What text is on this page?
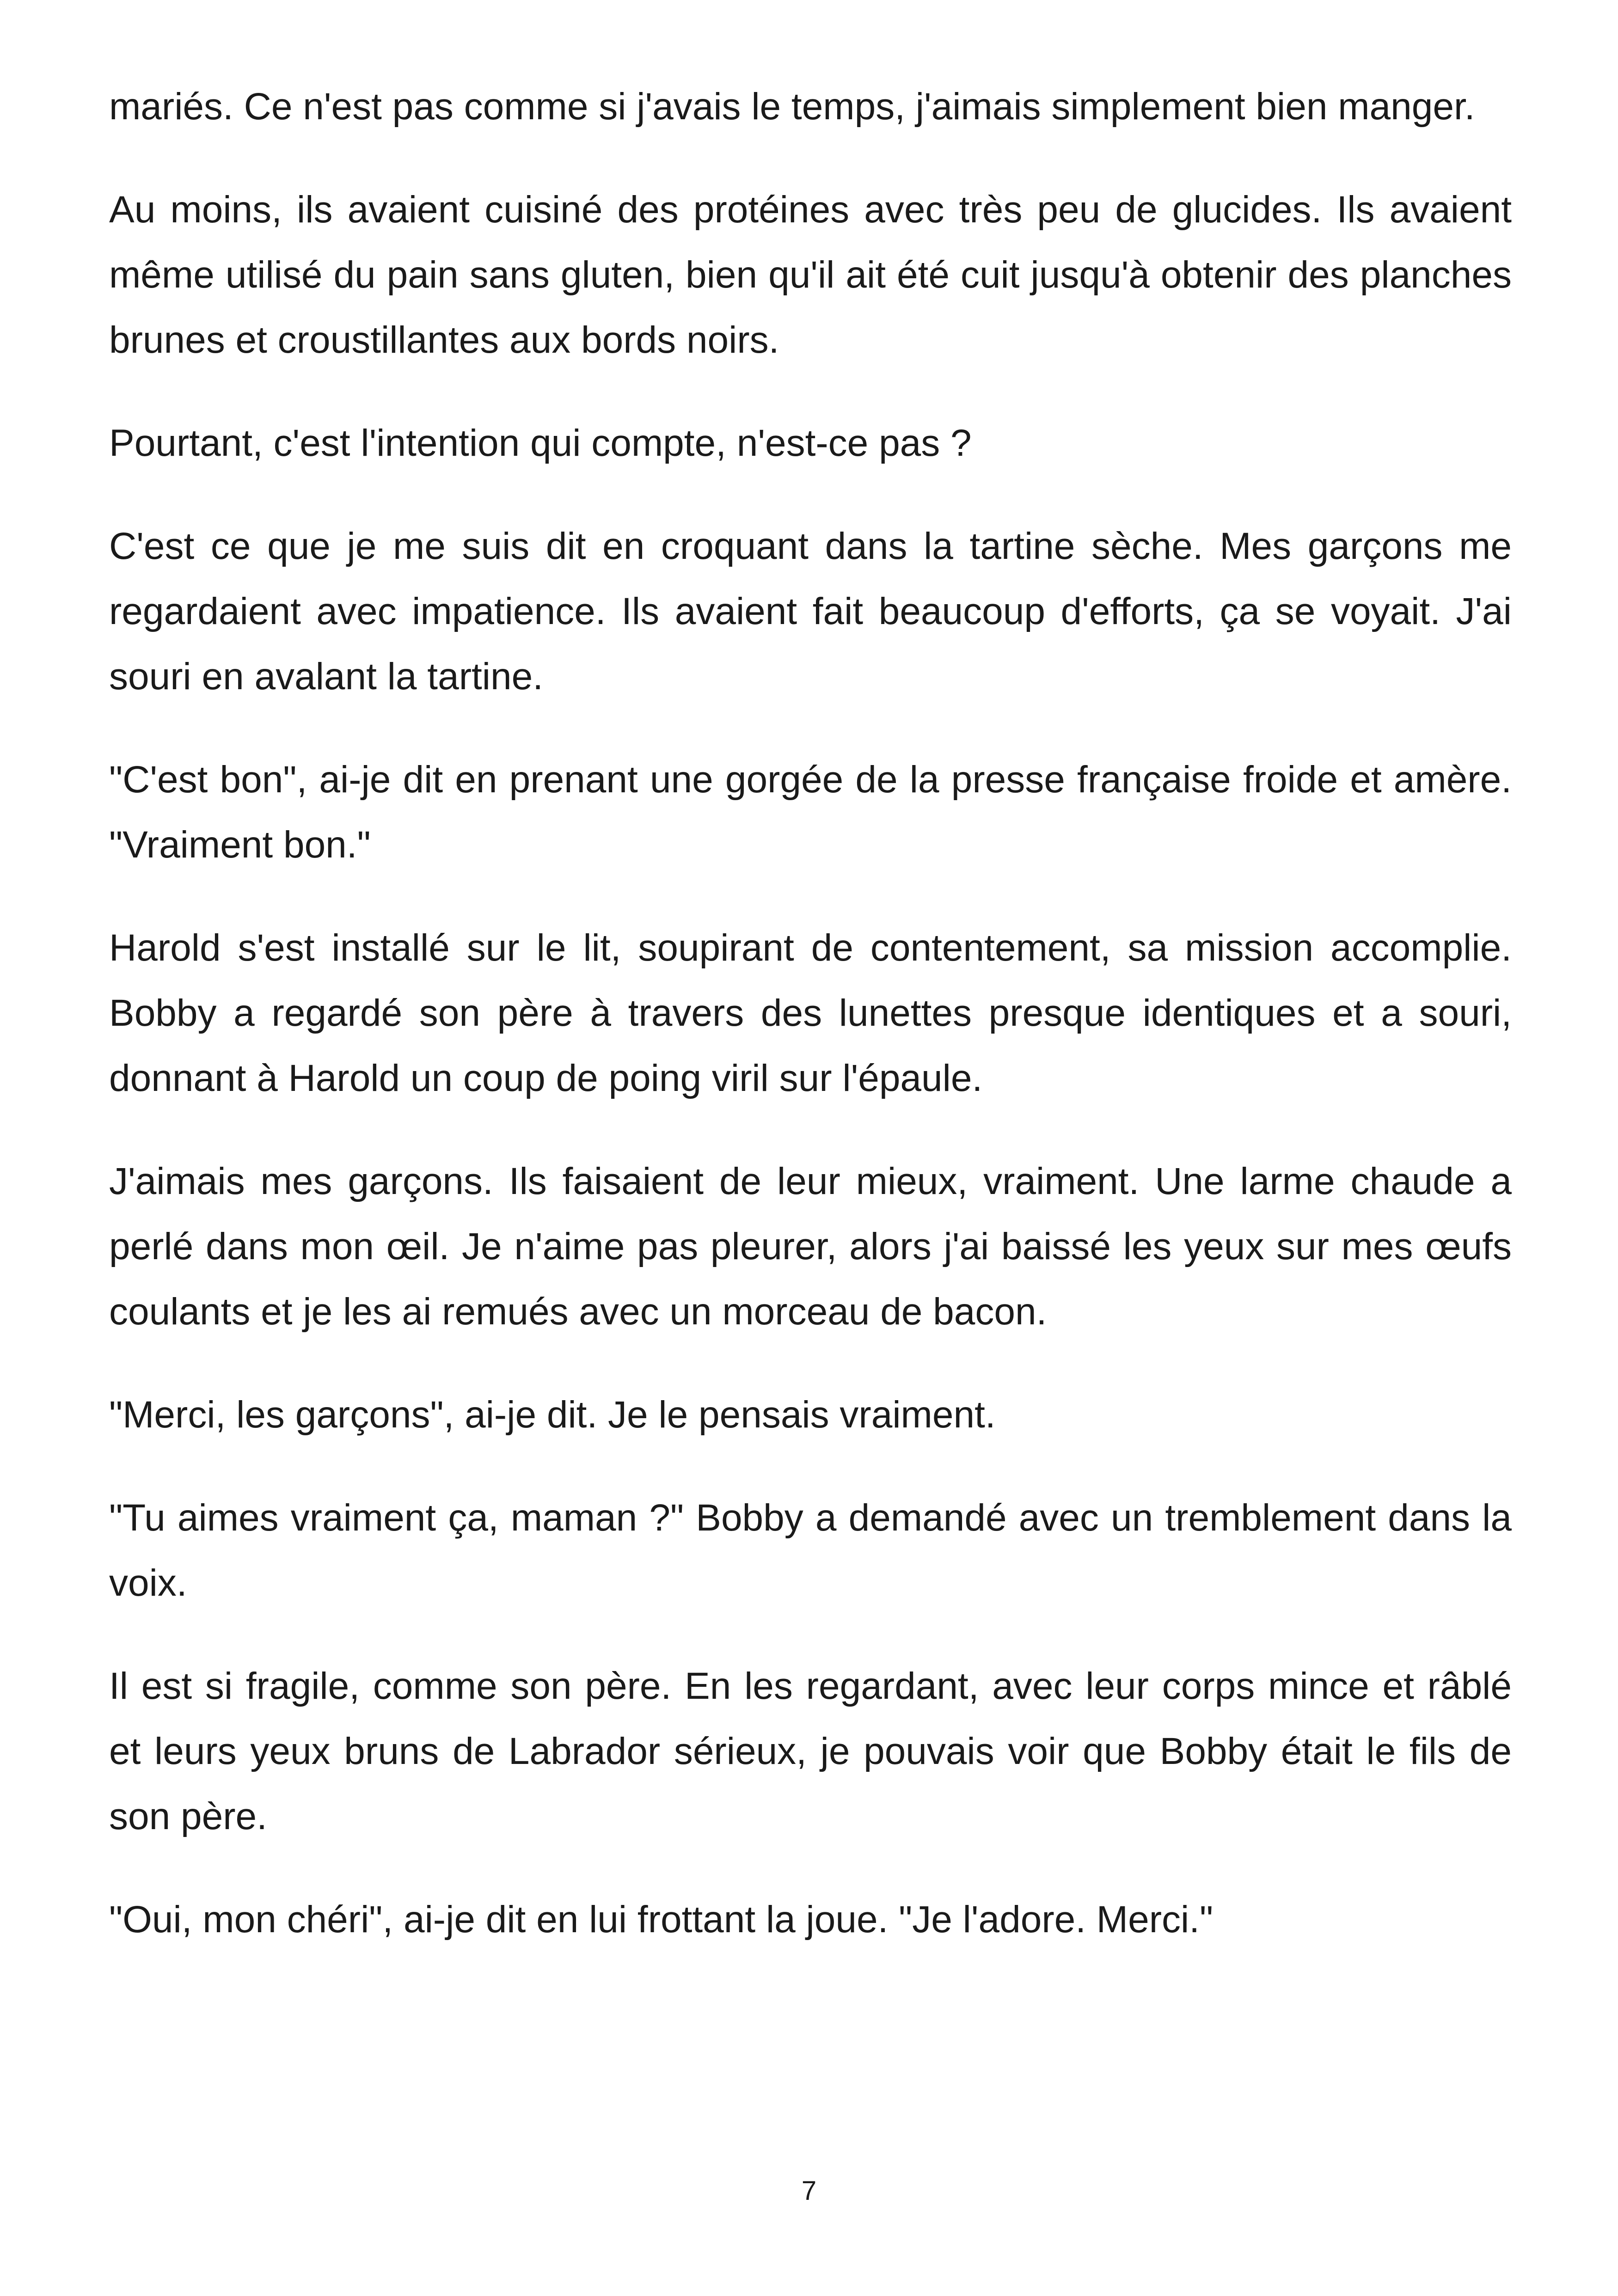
mariés. Ce n'est pas comme si j'avais le temps, j'aimais simplement bien manger.

Au moins, ils avaient cuisiné des protéines avec très peu de glucides. Ils avaient même utilisé du pain sans gluten, bien qu'il ait été cuit jusqu'à obtenir des planches brunes et croustillantes aux bords noirs.

Pourtant, c'est l'intention qui compte, n'est-ce pas ?

C'est ce que je me suis dit en croquant dans la tartine sèche. Mes garçons me regardaient avec impatience. Ils avaient fait beaucoup d'efforts, ça se voyait. J'ai souri en avalant la tartine.

"C'est bon", ai-je dit en prenant une gorgée de la presse française froide et amère. "Vraiment bon."

Harold s'est installé sur le lit, soupirant de contentement, sa mission accomplie. Bobby a regardé son père à travers des lunettes presque identiques et a souri, donnant à Harold un coup de poing viril sur l'épaule.

J'aimais mes garçons. Ils faisaient de leur mieux, vraiment. Une larme chaude a perlé dans mon œil. Je n'aime pas pleurer, alors j'ai baissé les yeux sur mes œufs coulants et je les ai remués avec un morceau de bacon.

"Merci, les garçons", ai-je dit. Je le pensais vraiment.

"Tu aimes vraiment ça, maman ?" Bobby a demandé avec un tremblement dans la voix.

Il est si fragile, comme son père. En les regardant, avec leur corps mince et râblé et leurs yeux bruns de Labrador sérieux, je pouvais voir que Bobby était le fils de son père.

"Oui, mon chéri", ai-je dit en lui frottant la joue. "Je l'adore. Merci."

7
